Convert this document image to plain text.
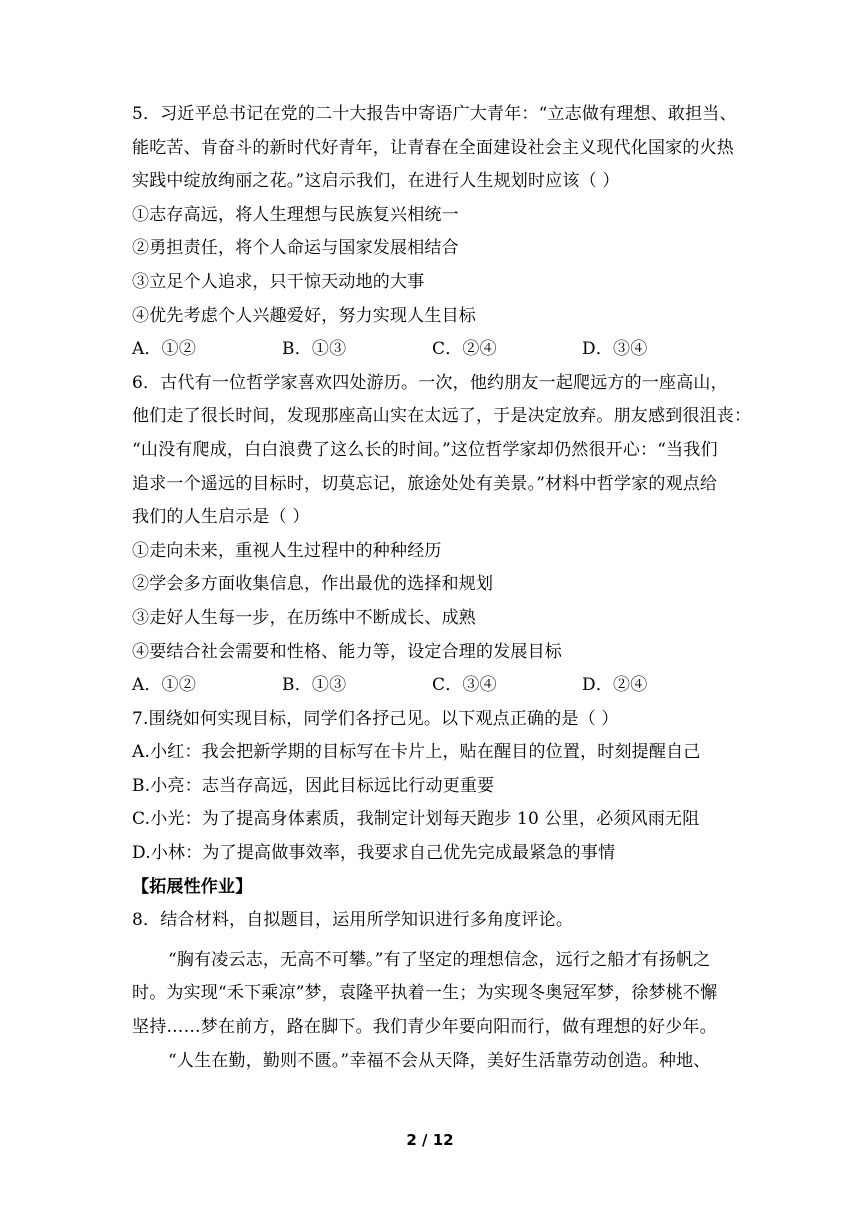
5．习近平总书记在党的二十大报告中寄语广大青年：“立志做有理想、敢担当、
能吃苦、肯奋斗的新时代好青年，让青春在全面建设社会主义现代化国家的火热
实践中绽放绚丽之花。”这启示我们，在进行人生规划时应该（ ）
①志存高远，将人生理想与民族复兴相统一
②勇担责任，将个人命运与国家发展相结合
③立足个人追求，只干惊天动地的大事
④优先考虑个人兴趣爱好，努力实现人生目标
A．①②	B．①③	C．②④	D．③④
6．古代有一位哲学家喜欢四处游历。一次，他约朋友一起爬远方的一座高山，
他们走了很长时间，发现那座高山实在太远了，于是决定放弃。朋友感到很沮丧：
“山没有爬成，白白浪费了这么长的时间。”这位哲学家却仍然很开心：“当我们
追求一个遥远的目标时，切莫忘记，旅途处处有美景。”材料中哲学家的观点给
我们的人生启示是（ ）
①走向未来，重视人生过程中的种种经历
②学会多方面收集信息，作出最优的选择和规划
③走好人生每一步，在历练中不断成长、成熟
④要结合社会需要和性格、能力等，设定合理的发展目标
A．①②	B．①③	C．③④	D．②④
7.围绕如何实现目标，同学们各抒己见。以下观点正确的是（ ）
A.小红：我会把新学期的目标写在卡片上，贴在醒目的位置，时刻提醒自己
B.小亮：志当存高远，因此目标远比行动更重要
C.小光：为了提高身体素质，我制定计划每天跑步 10 公里，必须风雨无阻
D.小林：为了提高做事效率，我要求自己优先完成最紧急的事情
【拓展性作业】
8．结合材料，自拟题目，运用所学知识进行多角度评论。
“胸有凌云志，无高不可攀。”有了坚定的理想信念，远行之船才有扬帆之
时。为实现“禾下乘凉”梦，袁隆平执着一生；为实现冬奥冠军梦，徐梦桃不懈
坚持……梦在前方，路在脚下。我们青少年要向阳而行，做有理想的好少年。
“人生在勤，勤则不匮。”幸福不会从天降，美好生活靠劳动创造。种地、
2 / 12
